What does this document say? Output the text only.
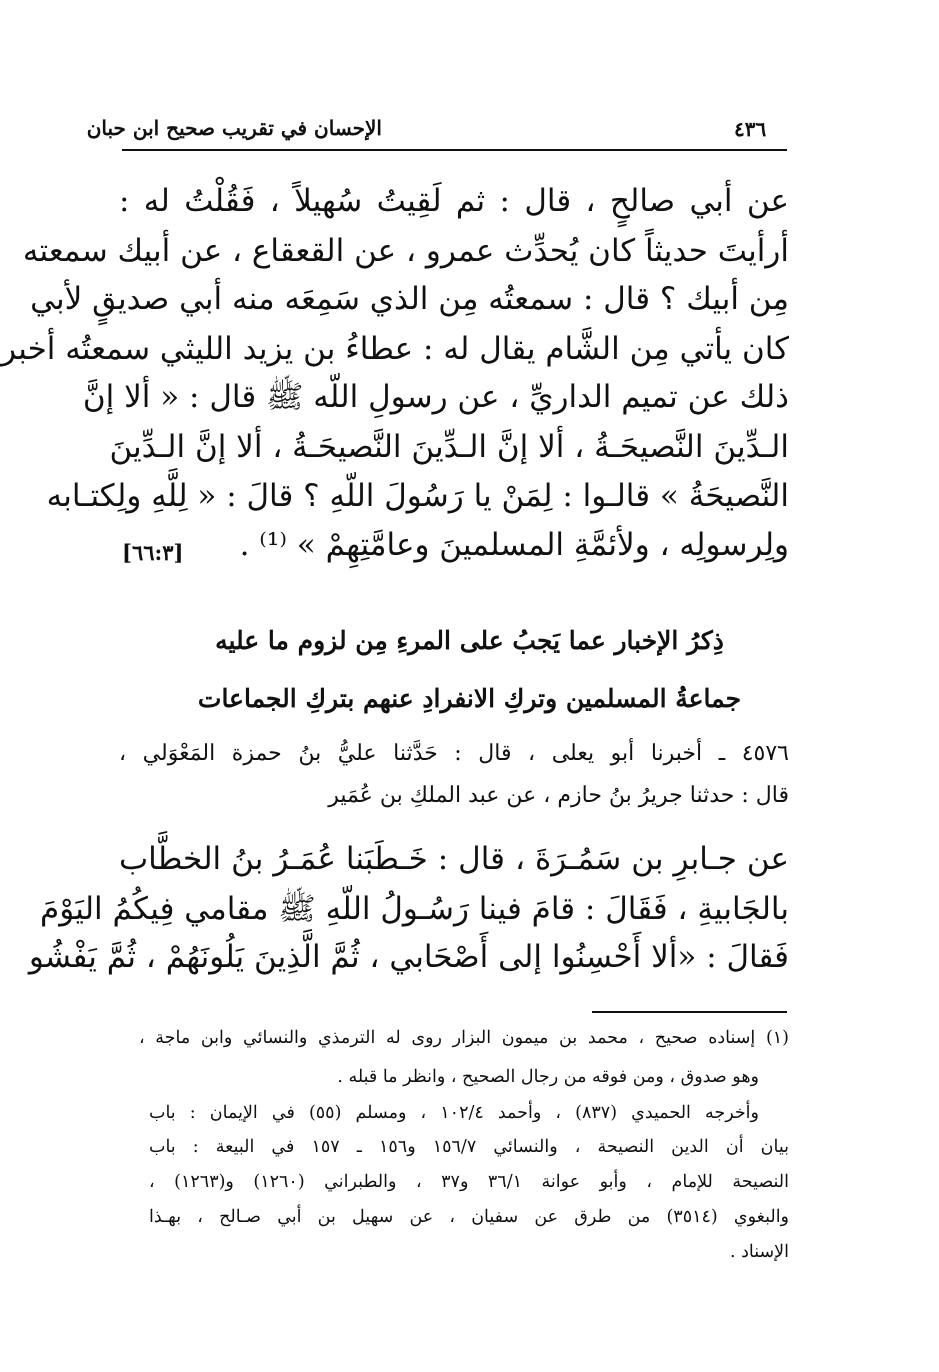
الإحسان في تقريب صحيح ابن حبان	٤٣٦
عن أبي صالحٍ ، قال : ثم لَقِيتُ سُهيلاً ، فَقُلْتُ له :
أرأيتَ حديثاً كان يُحدِّث عمرو ، عن القعقاع ، عن أبيك سمعته
مِن أبيك ؟ قال : سمعتُه مِن الذي سَمِعَه منه أبي صديقٍ لأبي
كان يأتي مِن الشَّام يقال له : عطاءُ بن يزيد الليثي سمعتُه أخبر
ذلك عن تميم الداريِّ ، عن رسولِ اللّه ﷺ قال : « ألا إنَّ
الـدِّينَ النَّصيحَـةُ ، ألا إنَّ الـدِّينَ النَّصيحَـةُ ، ألا إنَّ الـدِّينَ
النَّصيحَةُ » قالـوا : لِمَنْ يا رَسُولَ اللّهِ ؟ قالَ : « لِلَّهِ ولِكتـابه
ولِرسولِه ، ولأئمَّةِ المسلمينَ وعامَّتِهِمْ » ⁽¹⁾ .
[٦٦:٣]
ذِكرُ الإخبار عما يَجبُ على المرءِ مِن لزوم ما عليه
جماعةُ المسلمين وتركِ الانفرادِ عنهم بتركِ الجماعات
٤٥٧٦ ـ أخبرنا أبو يعلى ، قال : حَدَّثنا عليُّ بنُ حمزة المَعْوَلي ،
قال : حدثنا جريرُ بنُ حازم ، عن عبد الملكِ بن عُمَير
عن جـابرِ بن سَمُـرَةَ ، قال : خَـطَبَنا عُمَـرُ بنُ الخطَّاب
بالجَابيةِ ، فَقَالَ : قامَ فينا رَسُـولُ اللّهِ ﷺ مقامي فِيكُمُ اليَوْمَ
فَقالَ : «ألا أَحْسِنُوا إلى أَصْحَابي ، ثُمَّ الَّذِينَ يَلُونَهُمْ ، ثُمَّ يَفْشُو
(١) إسناده صحيح ، محمد بن ميمون البزار روى له الترمذي والنسائي وابن ماجة ،
وهو صدوق ، ومن فوقه من رجال الصحيح ، وانظر ما قبله .
وأخرجه الحميدي (٨٣٧) ، وأحمد ١٠٢/٤ ، ومسلم (٥٥) في الإيمان : باب
بيان أن الدين النصيحة ، والنسائي ١٥٦/٧ و١٥٦ ـ ١٥٧ في البيعة : باب
النصيحة للإمام ، وأبو عوانة ٣٦/١ و٣٧ ، والطبراني (١٢٦٠) و(١٢٦٣) ،
والبغوي (٣٥١٤) من طرق عن سفيان ، عن سهيل بن أبي صـالح ، بهـذا
الإسناد .
